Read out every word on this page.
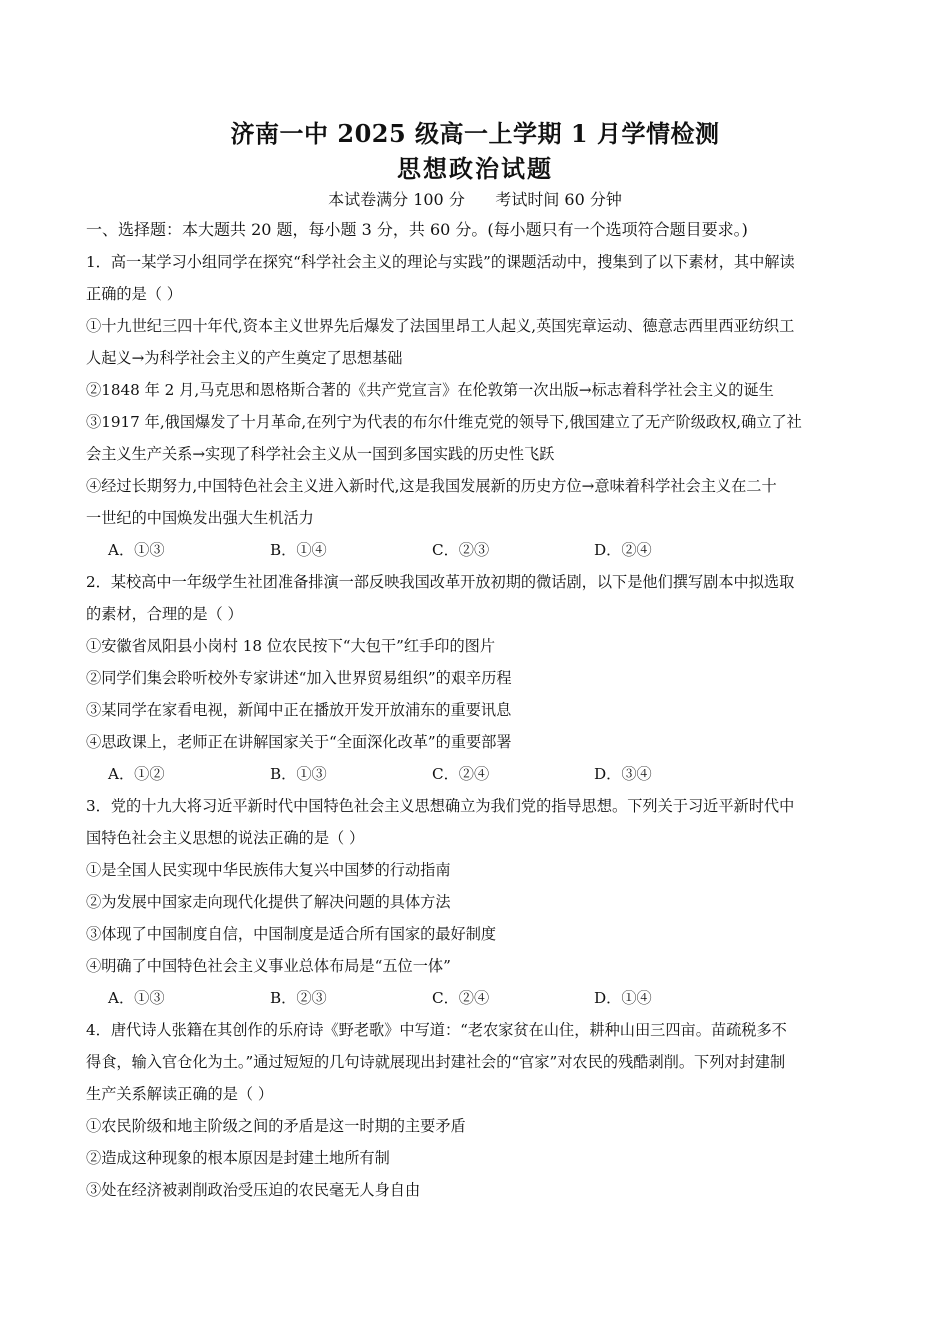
济南一中 2025 级高一上学期 1 月学情检测
思想政治试题
本试卷满分 100 分      考试时间 60 分钟
一、选择题：本大题共 20 题，每小题 3 分，共 60 分。(每小题只有一个选项符合题目要求。)
1．高一某学习小组同学在探究“科学社会主义的理论与实践”的课题活动中，搜集到了以下素材，其中解读
正确的是（ ）
①十九世纪三四十年代,资本主义世界先后爆发了法国里昂工人起义,英国宪章运动、德意志西里西亚纺织工
人起义→为科学社会主义的产生奠定了思想基础
②1848 年 2 月,马克思和恩格斯合著的《共产党宣言》在伦敦第一次出版→标志着科学社会主义的诞生
③1917 年,俄国爆发了十月革命,在列宁为代表的布尔什维克党的领导下,俄国建立了无产阶级政权,确立了社
会主义生产关系→实现了科学社会主义从一国到多国实践的历史性飞跃
④经过长期努力,中国特色社会主义进入新时代,这是我国发展新的历史方位→意味着科学社会主义在二十
一世纪的中国焕发出强大生机活力
A．①③	B．①④	C．②③	D．②④
2．某校高中一年级学生社团准备排演一部反映我国改革开放初期的微话剧，以下是他们撰写剧本中拟选取
的素材，合理的是（ ）
①安徽省凤阳县小岗村 18 位农民按下“大包干”红手印的图片
②同学们集会聆听校外专家讲述“加入世界贸易组织”的艰辛历程
③某同学在家看电视，新闻中正在播放开发开放浦东的重要讯息
④思政课上，老师正在讲解国家关于“全面深化改革”的重要部署
A．①②	B．①③	C．②④	D．③④
3．党的十九大将习近平新时代中国特色社会主义思想确立为我们党的指导思想。下列关于习近平新时代中
国特色社会主义思想的说法正确的是（ ）
①是全国人民实现中华民族伟大复兴中国梦的行动指南
②为发展中国家走向现代化提供了解决问题的具体方法
③体现了中国制度自信，中国制度是适合所有国家的最好制度
④明确了中国特色社会主义事业总体布局是“五位一体”
A．①③	B．②③	C．②④	D．①④
4．唐代诗人张籍在其创作的乐府诗《野老歌》中写道：“老农家贫在山住，耕种山田三四亩。苗疏税多不
得食，输入官仓化为土。”通过短短的几句诗就展现出封建社会的“官家”对农民的残酷剥削。下列对封建制
生产关系解读正确的是（ ）
①农民阶级和地主阶级之间的矛盾是这一时期的主要矛盾
②造成这种现象的根本原因是封建土地所有制
③处在经济被剥削政治受压迫的农民毫无人身自由
